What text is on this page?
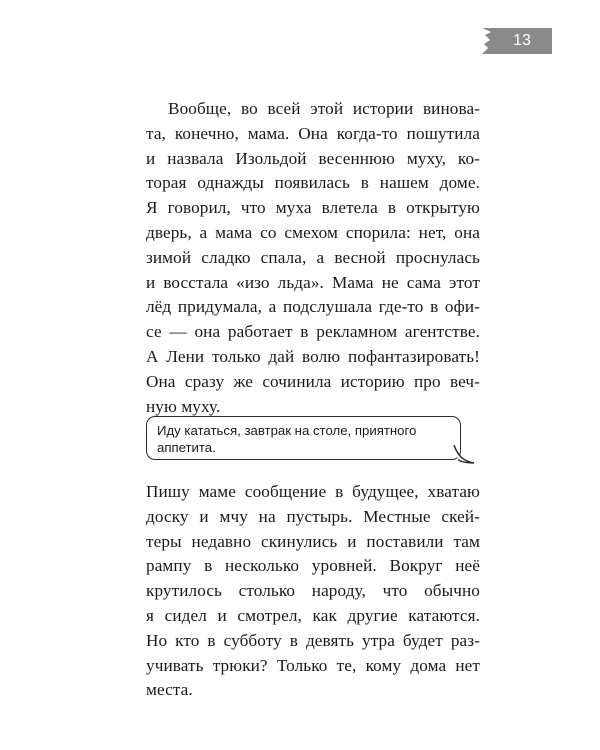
13
Вообще, во всей этой истории винова-
та, конечно, мама. Она когда-то пошутила
и назвала Изольдой весеннюю муху, ко-
торая однажды появилась в нашем доме.
Я говорил, что муха влетела в открытую
дверь, а мама со смехом спорила: нет, она
зимой сладко спала, а весной проснулась
и восстала «изо льда». Мама не сама этот
лёд придумала, а подслушала где-то в офи-
се — она работает в рекламном агентстве.
А Лени только дай волю пофантазировать!
Она сразу же сочинила историю про веч-
ную муху.
Иду кататься, завтрак на столе, приятного
аппетита.
Пишу маме сообщение в будущее, хватаю
доску и мчу на пустырь. Местные скей-
теры недавно скинулись и поставили там
рампу в несколько уровней. Вокруг неё
крутилось столько народу, что обычно
я сидел и смотрел, как другие катаются.
Но кто в субботу в девять утра будет раз-
учивать трюки? Только те, кому дома нет
места.
